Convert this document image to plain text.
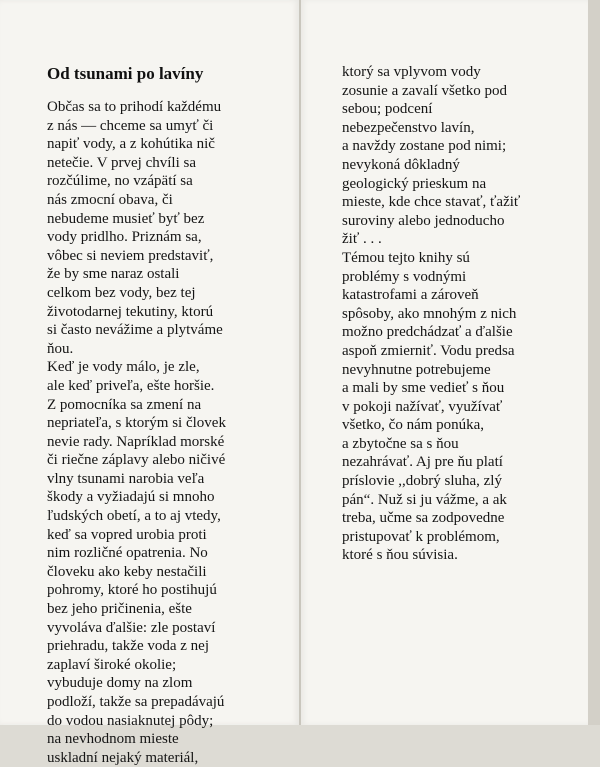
Od tsunami po lavíny
Občas sa to prihodí každému
z nás — chceme sa umyť či
napiť vody, a z kohútika nič
netečie. V prvej chvíli sa
rozčúlime, no vzápätí sa
nás zmocní obava, či
nebudeme musieť byť bez
vody pridlho. Priznám sa,
vôbec si neviem predstaviť,
že by sme naraz ostali
celkom bez vody, bez tej
životodarnej tekutiny, ktorú
si často nevážime a plytváme
ňou.
Keď je vody málo, je zle,
ale keď priveľa, ešte horšie.
Z pomocníka sa zmení na
nepriateľa, s ktorým si človek
nevie rady. Napríklad morské
či riečne záplavy alebo ničivé
vlny tsunami narobia veľa
škody a vyžiadajú si mnoho
ľudských obetí, a to aj vtedy,
keď sa vopred urobia proti
nim rozličné opatrenia. No
človeku ako keby nestačili
pohromy, ktoré ho postihujú
bez jeho pričinenia, ešte
vyvoláva ďalšie: zle postaví
priehradu, takže voda z nej
zaplaví široké okolie;
vybuduje domy na zlom
podloží, takže sa prepadávajú
do vodou nasiaknutej pôdy;
na nevhodnom mieste
uskladní nejaký materiál,
ktorý sa vplyvom vody
zosunie a zavalí všetko pod
sebou; podcení
nebezpečenstvo lavín,
a navždy zostane pod nimi;
nevykoná dôkladný
geologický prieskum na
mieste, kde chce stavať, ťažiť
suroviny alebo jednoducho
žiť . . .
Témou tejto knihy sú
problémy s vodnými
katastrofami a zároveň
spôsoby, ako mnohým z nich
možno predchádzať a ďalšie
aspoň zmierniť. Vodu predsa
nevyhnutne potrebujeme
a mali by sme vedieť s ňou
v pokoji nažívať, využívať
všetko, čo nám ponúka,
a zbytočne sa s ňou
nezahrávať. Aj pre ňu platí
príslovie ,,dobrý sluha, zlý
pán“. Nuž si ju vážme, a ak
treba, učme sa zodpovedne
pristupovať k problémom,
ktoré s ňou súvisia.
